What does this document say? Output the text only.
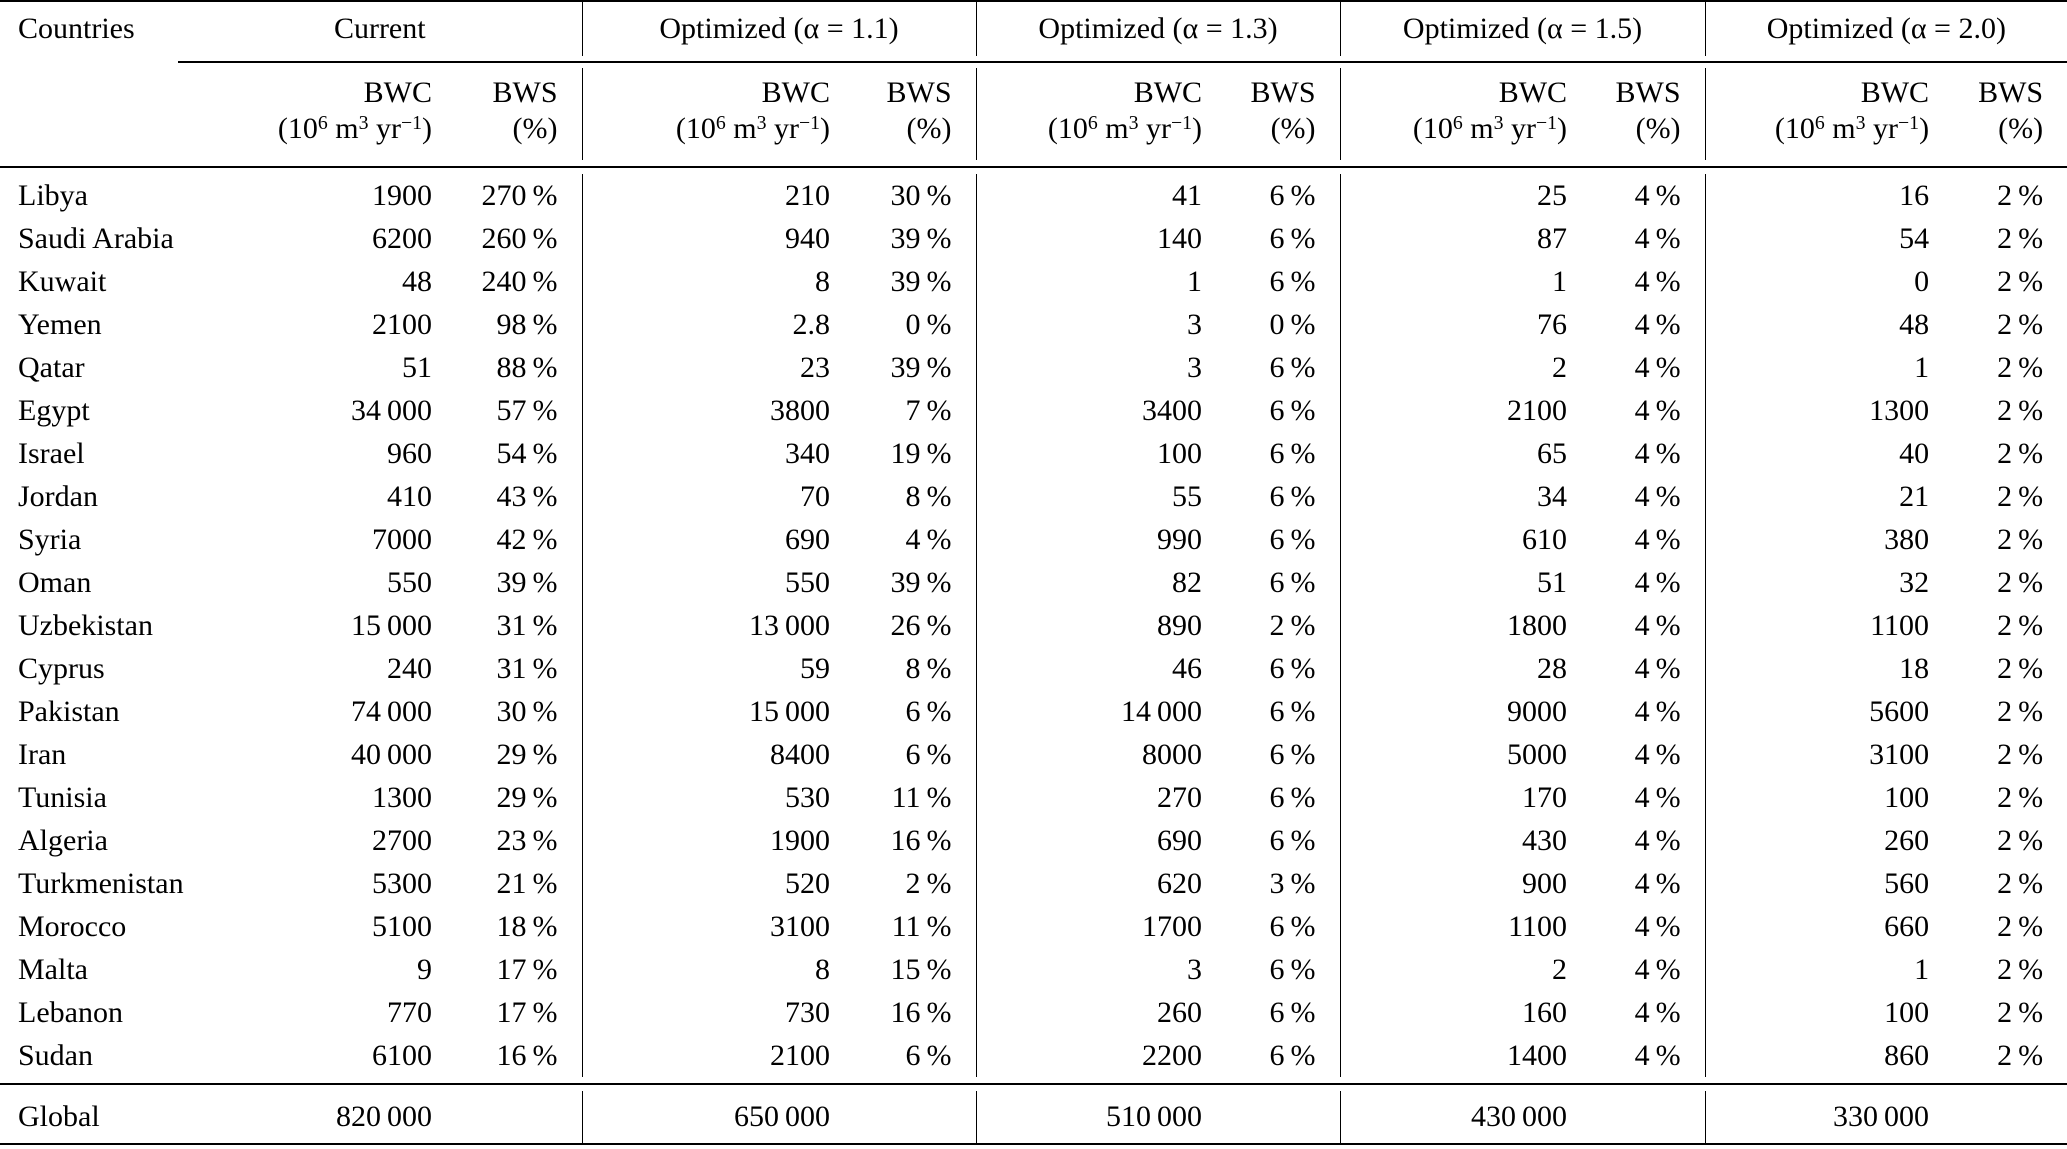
Countries	Current		Optimized (α = 1.1)		Optimized (α = 1.3)		Optimized (α = 1.5)		Optimized (α = 2.0)	

	BWC	BWS	BWC	BWS	BWC	BWS	BWC	BWS	BWC	BWS
	($10^6$ $m^3$ $yr^{-1}$)	(%)	($10^6$ $m^3$ $yr^{-1}$)	(%)	($10^6$ $m^3$ $yr^{-1}$)	(%)	($10^6$ $m^3$ $yr^{-1}$)	(%)	($10^6$ $m^3$ $yr^{-1}$)	(%)

Libya	1900	270 %	210	30 %	41	6 %	25	4 %	16	2 %
Saudi Arabia	6200	260 %	940	39 %	140	6 %	87	4 %	54	2 %
Kuwait	48	240 %	8	39 %	1	6 %	1	4 %	0	2 %
Yemen	2100	98 %	2.8	0 %	3	0 %	76	4 %	48	2 %
Qatar	51	88 %	23	39 %	3	6 %	2	4 %	1	2 %
Egypt	34 000	57 %	3800	7 %	3400	6 %	2100	4 %	1300	2 %
Israel	960	54 %	340	19 %	100	6 %	65	4 %	40	2 %
Jordan	410	43 %	70	8 %	55	6 %	34	4 %	21	2 %
Syria	7000	42 %	690	4 %	990	6 %	610	4 %	380	2 %
Oman	550	39 %	550	39 %	82	6 %	51	4 %	32	2 %
Uzbekistan	15 000	31 %	13 000	26 %	890	2 %	1800	4 %	1100	2 %
Cyprus	240	31 %	59	8 %	46	6 %	28	4 %	18	2 %
Pakistan	74 000	30 %	15 000	6 %	14 000	6 %	9000	4 %	5600	2 %
Iran	40 000	29 %	8400	6 %	8000	6 %	5000	4 %	3100	2 %
Tunisia	1300	29 %	530	11 %	270	6 %	170	4 %	100	2 %
Algeria	2700	23 %	1900	16 %	690	6 %	430	4 %	260	2 %
Turkmenistan	5300	21 %	520	2 %	620	3 %	900	4 %	560	2 %
Morocco	5100	18 %	3100	11 %	1700	6 %	1100	4 %	660	2 %
Malta	9	17 %	8	15 %	3	6 %	2	4 %	1	2 %
Lebanon	770	17 %	730	16 %	260	6 %	160	4 %	100	2 %
Sudan	6100	16 %	2100	6 %	2200	6 %	1400	4 %	860	2 %

Global	820 000		650 000		510 000		430 000		330 000	
